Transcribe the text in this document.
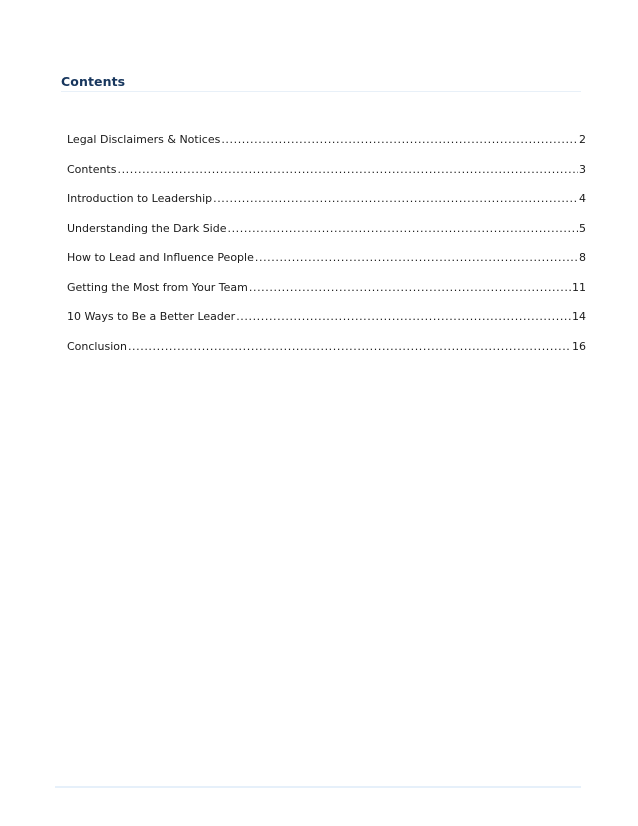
Contents
Legal Disclaimers & Notices .....	2
Contents .....	3
Introduction to Leadership .....	4
Understanding the Dark Side .....	5
How to Lead and Influence People .....	8
Getting the Most from Your Team .....	11
10 Ways to Be a Better Leader .....	14
Conclusion .....	16
